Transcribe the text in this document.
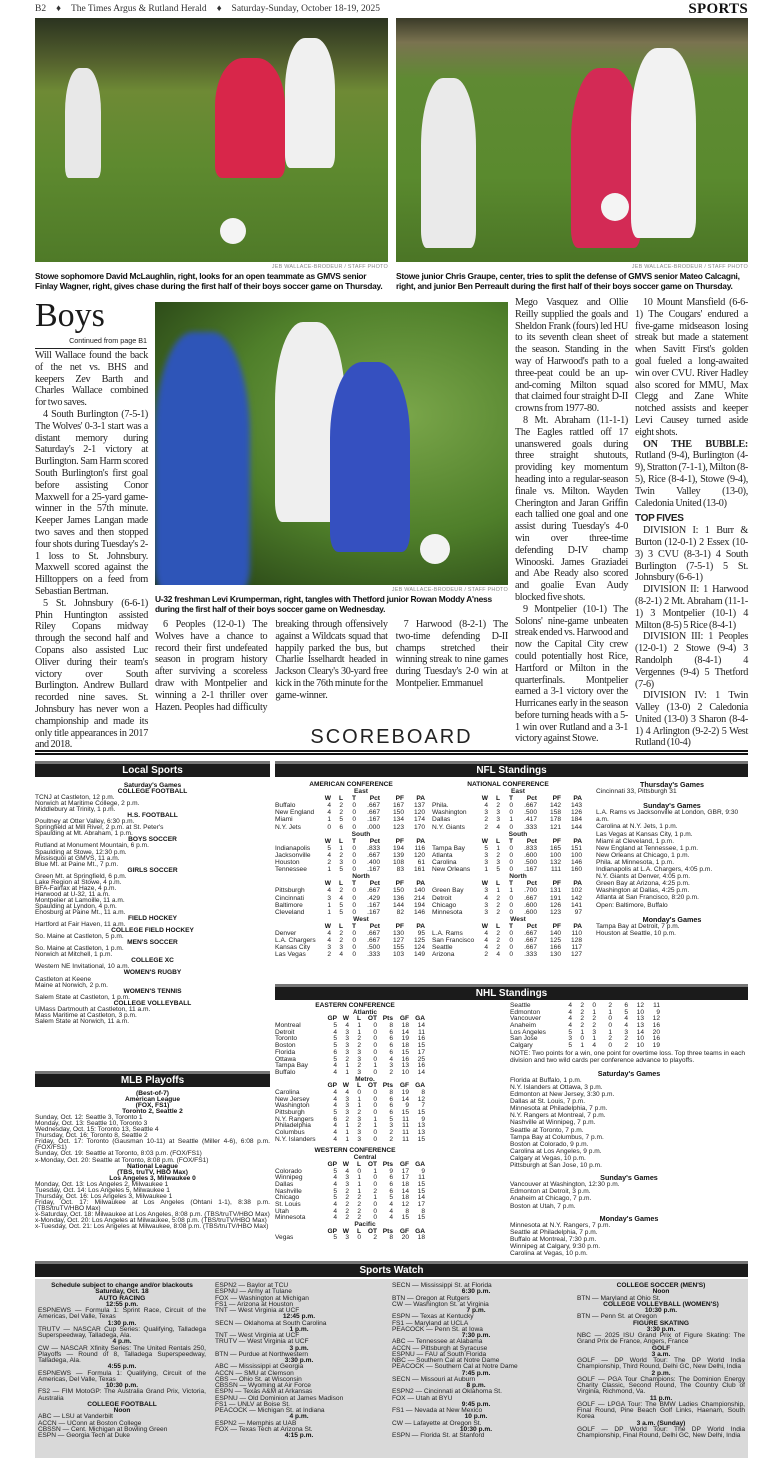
B2 ♦ The Times Argus & Rutland Herald ♦ Saturday-Sunday, October 18-19, 2025	SPORTS
JEB WALLACE-BRODEUR / STAFF PHOTO
Stowe sophomore David McLaughlin, right, looks for an open teammate as GMVS senior Finlay Wagner, right, gives chase during the first half of their boys soccer game on Thursday.
JEB WALLACE-BRODEUR / STAFF PHOTO
Stowe junior Chris Graupe, center, tries to split the defense of GMVS senior Mateo Calcagni, right, and junior Ben Perreault during the first half of their boys soccer game on Thursday.
Boys
Continued from page B1

Will Wallace found the back of the net vs. BHS and keepers Zev Barth and Charles Wallace combined for two saves.

4 South Burlington (7-5-1) The Wolves' 0-3-1 start was a distant memory during Saturday's 2-1 victory at Burlington. Sam Harm scored South Burlington's first goal before assisting Conor Maxwell for a 25-yard game-winner in the 57th minute. Keeper James Langan made two saves and then stopped four shots during Tuesday's 2-1 loss to St. Johnsbury. Maxwell scored against the Hilltoppers on a feed from Sebastian Bertman.

5 St. Johnsbury (6-6-1) Phin Huntington assisted Riley Copans midway through the second half and Copans also assisted Luc Oliver during their team's victory over South Burlington. Andrew Bullard recorded nine saves. St. Johnsbury has never won a championship and made its only title appearances in 2017 and 2018.

JEB WALLACE-BRODEUR / STAFF PHOTO
U-32 freshman Levi Krumperman, right, tangles with Thetford junior Rowan Moddy A'ness during the first half of their boys soccer game on Wednesday.

6 Peoples (12-0-1) The Wolves have a chance to record their first undefeated season in program history after surviving a scoreless draw with Montpelier and winning a 2-1 thriller over Hazen. Peoples had difficulty breaking through offensively against a Wildcats squad that happily parked the bus, but Charlie Isselhardt headed in Jackson Cleary's 30-yard free kick in the 76th minute for the game-winner.

7 Harwood (8-2-1) The two-time defending D-II champs stretched their winning streak to nine games during Tuesday's 2-0 win at Montpelier. Emmanuel

Mego Vasquez and Ollie Reilly supplied the goals and Sheldon Frank (fours) led HU to its seventh clean sheet of the season. Standing in the way of Harwood's path to a three-peat could be an up-and-coming Milton squad that claimed four straight D-II crowns from 1977-80.

8 Mt. Abraham (11-1-1) The Eagles rattled off 17 unanswered goals during three straight shutouts, providing key momentum heading into a regular-season finale vs. Milton. Wayden Cherington and Jaran Griffin each tallied one goal and one assist during Tuesday's 4-0 win over three-time defending D-IV champ Winooski. James Graziadei and Abe Ready also scored and goalie Evan Audy blocked five shots.

9 Montpelier (10-1) The Solons' nine-game unbeaten streak ended vs. Harwood and now the Capital City crew could potentially host Rice, Hartford or Milton in the quarterfinals. Montpelier earned a 3-1 victory over the Hurricanes early in the season before turning heads with a 5-1 win over Rutland and a 3-1 victory against Stowe.

10 Mount Mansfield (6-6-1) The Cougars' endured a five-game midseason losing streak but made a statement when Savitt First's golden goal fueled a long-awaited win over CVU. River Hadley also scored for MMU, Max Clegg and Zane White notched assists and keeper Levi Causey turned aside eight shots.

ON THE BUBBLE: Rutland (9-4), Burlington (4-9), Stratton (7-1-1), Milton (8-5), Rice (8-4-1), Stowe (9-4), Twin Valley (13-0), Caledonia United (13-0)

TOP FIVES

DIVISION I: 1 Burr & Burton (12-0-1) 2 Essex (10-3) 3 CVU (8-3-1) 4 South Burlington (7-5-1) 5 St. Johnsbury (6-6-1)

DIVISION II: 1 Harwood (8-2-1) 2 Mt. Abraham (11-1-1) 3 Montpelier (10-1) 4 Milton (8-5) 5 Rice (8-4-1)

DIVISION III: 1 Peoples (12-0-1) 2 Stowe (9-4) 3 Randolph (8-4-1) 4 Vergennes (9-4) 5 Thetford (7-6)

DIVISION IV: 1 Twin Valley (13-0) 2 Caledonia United (13-0) 3 Sharon (8-4-1) 4 Arlington (9-2-2) 5 West Rutland (10-4)

SCOREBOARD
Local Sports
Saturday's Games
COLLEGE FOOTBALL
TCNJ at Castleton, 12 p.m.
Norwich at Maritime College, 2 p.m.
Middlebury at Trinity, 1 p.m.
H.S. FOOTBALL
Poultney at Otter Valley, 6:30 p.m.
Springfield at Mill River, 2 p.m. at St. Peter's
Spaulding at Mt. Abraham, 1 p.m.
BOYS SOCCER
Rutland at Monument Mountain, 6 p.m.
Spaulding at Stowe, 12:30 p.m.
Missisquoi at GMVS, 11 a.m.
Blue Mt. at Paine Mt., 7 p.m.
GIRLS SOCCER
Green Mt. at Springfield, 6 p.m.
Lake Region at Stowe, 4 p.m.
BFA-Fairfax at Haze, 4 p.m.
Harwood at U-32, 11 a.m.
Montpelier at Lamoille, 11 a.m.
Spaulding at Lyndon, 4 p.m.
Enosburg at Paine Mt., 11 a.m.
FIELD HOCKEY
Hartford at Fair Haven, 11 a.m.
COLLEGE FIELD HOCKEY
So. Maine at Castleton, 5 p.m.
MEN'S SOCCER
So. Maine at Castleton, 1 p.m.
Norwich at Mitchell, 1 p.m.
COLLEGE XC
Western NE Invitational, 10 a.m.
WOMEN'S RUGBY
Castleton at Keene
Maine at Norwich, 2 p.m.
WOMEN'S TENNIS
Salem State at Castleton, 1 p.m.
COLLEGE VOLLEYBALL
UMass Dartmouth at Castleton, 11 a.m.
Mass Maritime at Castleton, 3 p.m.
Salem State at Norwich, 11 a.m.
MLB Playoffs
(Best-of-7)
American League
(FOX, FS1)
Toronto 2, Seattle 2
Sunday, Oct. 12: Seattle 3, Toronto 1
Monday, Oct. 13: Seattle 10, Toronto 3
Wednesday, Oct. 15: Toronto 13, Seattle 4
Thursday, Oct. 16: Toronto 8, Seattle 2
Friday, Oct. 17: Toronto (Gausman 10-11) at Seattle (Miller 4-6), 6:08 p.m. (FOX/FS1)
Sunday, Oct. 19: Seattle at Toronto, 8:03 p.m. (FOX/FS1)
x-Monday, Oct. 20: Seattle at Toronto, 8:08 p.m. (FOX/FS1)
National League
(TBS, truTV, HBO Max)
Los Angeles 3, Milwaukee 0
Monday, Oct. 13: Los Angeles 2, Milwaukee 1
Tuesday, Oct. 14: Los Angeles 5, Milwaukee 1
Thursday, Oct. 16: Los Angeles 3, Milwaukee 1
Friday, Oct. 17: Milwaukee at Los Angeles (Ohtani 1-1), 8:38 p.m. (TBS/truTV/HBO Max)
x-Saturday, Oct. 18: Milwaukee at Los Angeles, 8:08 p.m. (TBS/truTV/HBO Max)
x-Monday, Oct. 20: Los Angeles at Milwaukee, 5:08 p.m. (TBS/truTV/HBO Max)
x-Tuesday, Oct. 21: Los Angeles at Milwaukee, 8:08 p.m. (TBS/truTV/HBO Max)
NFL Standings
AMERICAN CONFERENCE
East
W	L	T	Pct	PF	PA
Buffalo	4	2	0	.667	167	137
New England	4	2	0	.667	150	120
Miami	1	5	0	.167	134	174
N.Y. Jets	0	6	0	.000	123	170
South
W	L	T	Pct	PF	PA
Indianapolis	5	1	0	.833	194	116
Jacksonville	4	2	0	.667	139	120
Houston	2	3	0	.400	108	61
Tennessee	1	5	0	.167	83	161
North
W	L	T	Pct	PF	PA
Pittsburgh	4	2	0	.667	150	140
Cincinnati	3	4	0	.429	136	214
Baltimore	1	5	0	.167	144	194
Cleveland	1	5	0	.167	82	146
West
W	L	T	Pct	PF	PA
Denver	4	2	0	.667	130	95
L.A. Chargers	4	2	0	.667	127	125
Kansas City	3	3	0	.500	155	124
Las Vegas	2	4	0	.333	103	149
NATIONAL CONFERENCE
East
W	L	T	Pct	PF	PA
Phila.	4	2	0	.667	142	143
Washington	3	3	0	.500	158	126
Dallas	2	3	1	.417	178	184
N.Y. Giants	2	4	0	.333	121	144
South
W	L	T	Pct	PF	PA
Tampa Bay	5	1	0	.833	165	151
Atlanta	3	2	0	.600	100	100
Carolina	3	3	0	.500	132	146
New Orleans	1	5	0	.167	111	160
North
W	L	T	Pct	PF	PA
Green Bay	3	1	1	.700	131	102
Detroit	4	2	0	.667	191	142
Chicago	3	2	0	.600	126	141
Minnesota	3	2	0	.600	123	97
West
W	L	T	Pct	PF	PA
L.A. Rams	4	2	0	.667	140	110
San Francisco	4	2	0	.667	125	128
Seattle	4	2	0	.667	166	117
Arizona	2	4	0	.333	130	127
Thursday's Games
Cincinnati 33, Pittsburgh 31
Sunday's Games
L.A. Rams vs Jacksonville at London, GBR, 9:30 a.m.
Carolina at N.Y. Jets, 1 p.m.
Las Vegas at Kansas City, 1 p.m.
Miami at Cleveland, 1 p.m.
New England at Tennessee, 1 p.m.
New Orleans at Chicago, 1 p.m.
Phila. at Minnesota, 1 p.m.
Indianapolis at L.A. Chargers, 4:05 p.m.
N.Y. Giants at Denver, 4:05 p.m.
Green Bay at Arizona, 4:25 p.m.
Washington at Dallas, 4:25 p.m.
Atlanta at San Francisco, 8:20 p.m.
Open: Baltimore, Buffalo
Monday's Games
Tampa Bay at Detroit, 7 p.m.
Houston at Seattle, 10 p.m.
NHL Standings
EASTERN CONFERENCE
Atlantic
GP W	L	OT Pts	GF GA
Montreal	5	4	1	0	8	18	14
Detroit	4	3	1	0	6	14	11
Toronto	5	3	2	0	6	19	16
Boston	5	3	2	0	6	18	15
Florida	6	3	3	0	6	15	17
Ottawa	5	2	3	0	4	16	25
Tampa Bay	4	1	2	1	3	13	16
Buffalo	4	1	3	0	2	10	14
Metro.
GP W	L	OT Pts	GF GA
Carolina	4	4	0	0	8	19	8
New Jersey	4	3	1	0	6	14	12
Washington	4	3	1	0	6	9	7
Pittsburgh	5	3	2	0	6	15	15
N.Y. Rangers	6	2	3	1	5	11	9
Philadelphia	4	1	2	1	3	11	13
Columbus	4	1	3	0	2	11	13
N.Y. Islanders	4	1	3	0	2	11	15
WESTERN CONFERENCE
Central
GP W	L	OT Pts	GF GA
Colorado	5	4	0	1	9	17	9
Winnipeg	4	3	1	0	6	17	11
Dallas	4	3	1	0	6	18	15
Nashville	5	2	1	2	6	14	15
Chicago	5	2	2	1	5	18	14
St. Louis	4	2	2	0	4	12	17
Utah	4	2	2	0	4	8	8
Minnesota	4	2	2	0	4	15	15
Pacific
GP W	L	OT Pts	GF GA
Vegas	5	3	0	2	8	20	18
Seattle	4	2	0	2	6	12	11
Edmonton	4	2	1	1	5	10	9
Vancouver	4	2	2	0	4	13	12
Anaheim	4	2	2	0	4	13	16
Los Angeles	5	1	3	1	3	14	20
San Jose	3	0	1	2	2	10	16
Calgary	5	1	4	0	2	10	19
NOTE: Two points for a win, one point for overtime loss. Top three teams in each division and two wild cards per conference advance to playoffs.
Saturday's Games
Florida at Buffalo, 1 p.m.
N.Y. Islanders at Ottawa, 3 p.m.
Edmonton at New Jersey, 3:30 p.m.
Dallas at St. Louis, 7 p.m.
Minnesota at Philadelphia, 7 p.m.
N.Y. Rangers at Montreal, 7 p.m.
Nashville at Winnipeg, 7 p.m.
Seattle at Toronto, 7 p.m.
Tampa Bay at Columbus, 7 p.m.
Boston at Colorado, 9 p.m.
Carolina at Los Angeles, 9 p.m.
Calgary at Vegas, 10 p.m.
Pittsburgh at San Jose, 10 p.m.
Sunday's Games
Vancouver at Washington, 12:30 p.m.
Edmonton at Detroit, 3 p.m.
Anaheim at Chicago, 7 p.m.
Boston at Utah, 7 p.m.
Monday's Games
Minnesota at N.Y. Rangers, 7 p.m.
Seattle at Philadelphia, 7 p.m.
Buffalo at Montreal, 7:30 p.m.
Winnipeg at Calgary, 9:30 p.m.
Carolina at Vegas, 10 p.m.
Sports Watch
Schedule subject to change and/or blackouts
Saturday, Oct. 18
AUTO RACING
12:55 p.m.
ESPNEWS — Formula 1: Sprint Race, Circuit of the Americas, Del Valle, Texas
1:30 p.m.
TRUTV — NASCAR Cup Series: Qualifying, Talladega Superspeedway, Talladega, Ala.
4 p.m.
CW — NASCAR Xfinity Series: The United Rentals 250, Playoffs — Round of 8, Talladega Superspeedway, Talladega, Ala.
4:55 p.m.
ESPNEWS — Formula 1: Qualifying, Circuit of the Americas, Del Valle, Texas
10:30 p.m.
FS2 — FIM MotoGP: The Australia Grand Prix, Victoria, Australia
COLLEGE FOOTBALL
Noon
ABC — LSU at Vanderbilt
ACCN — UConn at Boston College
CBSSN — Cent. Michigan at Bowling Green
ESPN — Georgia Tech at Duke
ESPN2 — Baylor at TCU
ESPNU — Army at Tulane
FOX — Washington at Michigan
FS1 — Arizona at Houston
TNT — West Virginia at UCF
12:45 p.m.
SECN — Oklahoma at South Carolina
1 p.m.
TNT — West Virginia at UCF
TRUTV — West Virginia at UCF
3 p.m.
BTN — Purdue at Northwestern
3:30 p.m.
ABC — Mississippi at Georgia
ACCN — SMU at Clemson
CBS — Ohio St. at Wisconsin
CBSSN — Wyoming at Air Force
ESPN — Texas A&M at Arkansas
ESPNU — Old Dominion at James Madison
FS1 — UNLV at Boise St.
PEACOCK — Michigan St. at Indiana
4 p.m.
ESPN2 — Memphis at UAB
FOX — Texas Tech at Arizona St.
4:15 p.m.
SECN — Mississippi St. at Florida
6:30 p.m.
BTN — Oregon at Rutgers
CW — Washington St. at Virginia
7 p.m.
ESPN — Texas at Kentucky
FS1 — Maryland at UCLA
PEACOCK — Penn St. at Iowa
7:30 p.m.
ABC — Tennessee at Alabama
ACCN — Pittsburgh at Syracuse
ESPNU — FAU at South Florida
NBC — Southern Cal at Notre Dame
PEACOCK — Southern Cal at Notre Dame
7:45 p.m.
SECN — Missouri at Auburn
8 p.m.
ESPN2 — Cincinnati at Oklahoma St.
FOX — Utah at BYU
9:45 p.m.
FS1 — Nevada at New Mexico
10 p.m.
CW — Lafayette at Oregon St.
10:30 p.m.
ESPN — Florida St. at Stanford
COLLEGE SOCCER (MEN'S)
Noon
BTN — Maryland at Ohio St.
COLLEGE VOLLEYBALL (WOMEN'S)
10:30 p.m.
BTN — Penn St. at Oregon
FIGURE SKATING
3:30 p.m.
NBC — 2025 ISU Grand Prix of Figure Skating: The Grand Prix de France, Angers, France
GOLF
3 a.m.
GOLF — DP World Tour: The DP World India Championship, Third Round, Delhi GC, New Delhi, India
2 p.m.
GOLF — PGA Tour Champions: The Dominion Energy Charity Classic, Second Round, The Country Club of Virginia, Richmond, Va.
11 p.m.
GOLF — LPGA Tour: The BMW Ladies Championship, Final Round, Pine Beach Golf Links, Haenam, South Korea
3 a.m. (Sunday)
GOLF — DP World Tour: The DP World India Championship, Final Round, Delhi GC, New Delhi, India
